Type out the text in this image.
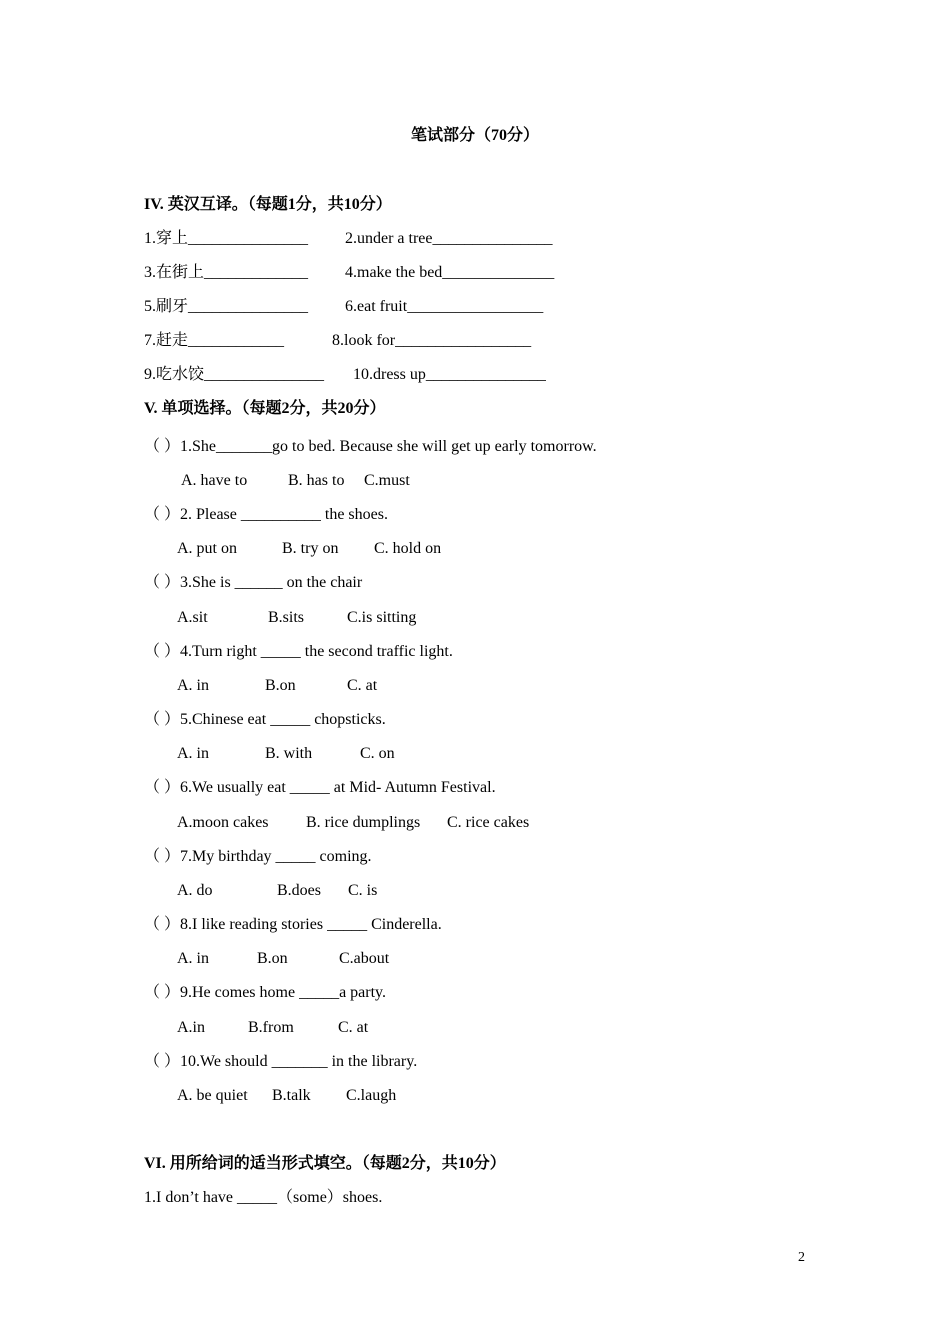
笔试部分（70分）
IV. 英汉互译。（每题1分，共10分）
1.穿上_______________ 2.under a tree_______________
3.在街上_____________ 4.make the bed______________
5.刷牙_______________ 6.eat fruit_________________
7.赶走____________	8.look for_________________
9.吃水饺_______________ 10.dress up_______________
V. 单项选择。（每题2分，共20分）
（ ）1.She_______go to bed. Because she will get up early tomorrow.
A. have to	B. has to C.must
（ ）2. Please __________ the shoes.
A. put on	B. try on C. hold on
（ ）3.She is ______ on the chair
A.sit	B.sits	C.is sitting
（ ）4.Turn right _____ the second traffic light.
A. in	B.on	C. at
（ ）5.Chinese eat _____ chopsticks.
A. in	B. with	C. on
（ ）6.We usually eat _____ at Mid- Autumn Festival.
A.moon cakes B. rice dumplings C. rice cakes
（ ）7.My birthday _____ coming.
A. do	B.does C. is
（ ）8.I like reading stories _____ Cinderella.
A. in	B.on	C.about
（ ）9.He comes home _____a party.
A.in	B.from	C. at
（ ）10.We should _______ in the library.
A. be quiet B.talk C.laugh
VI. 用所给词的适当形式填空。（每题2分，共10分）
1.I don’t have _____（some）shoes.
2
